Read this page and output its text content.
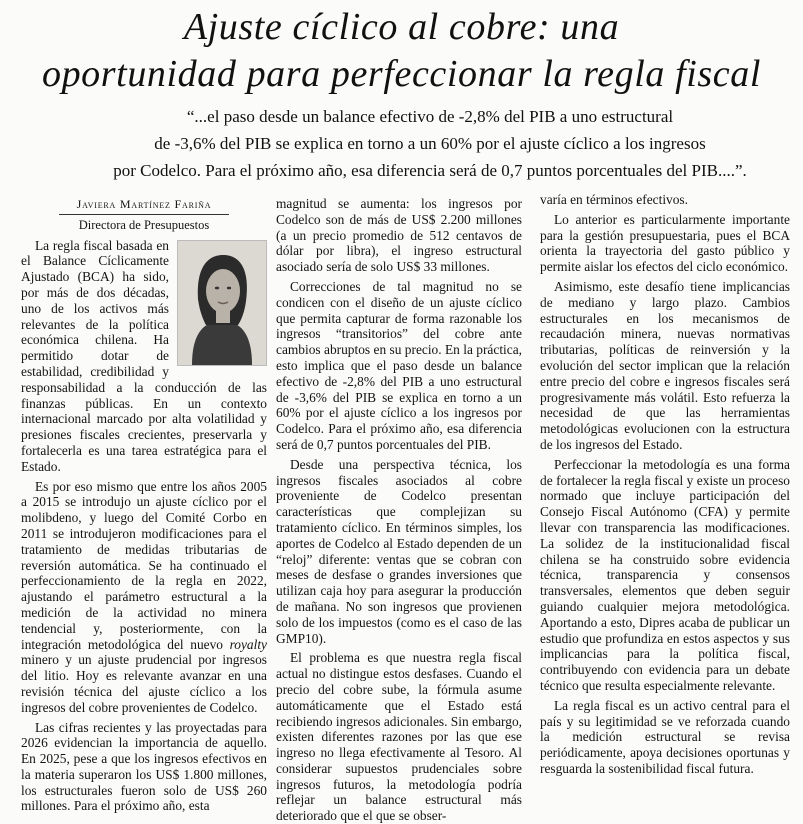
Ajuste cíclico al cobre: una
oportunidad para perfeccionar la regla fiscal
“...el paso desde un balance efectivo de -2,8% del PIB a uno estructural
de -3,6% del PIB se explica en torno a un 60% por el ajuste cíclico a los ingresos
por Codelco. Para el próximo año, esa diferencia será de 0,7 puntos porcentuales del PIB....”.
Javiera Martínez Fariña
Directora de Presupuestos

La regla fiscal basada en el Balance Cíclicamente Ajustado (BCA) ha sido, por más de dos décadas, uno de los activos más relevantes de la política económica chilena. Ha permitido dotar de estabilidad, credibilidad y responsabilidad a la conducción de las finanzas públicas. En un contexto internacional marcado por alta volatilidad y presiones fiscales crecientes, preservarla y fortalecerla es una tarea estratégica para el Estado.

Es por eso mismo que entre los años 2005 a 2015 se introdujo un ajuste cíclico por el molibdeno, y luego del Comité Corbo en 2011 se introdujeron modificaciones para el tratamiento de medidas tributarias de reversión automática. Se ha continuado el perfeccionamiento de la regla en 2022, ajustando el parámetro estructural a la medición de la actividad no minera tendencial y, posteriormente, con la integración metodológica del nuevo royalty minero y un ajuste prudencial por ingresos del litio. Hoy es relevante avanzar en una revisión técnica del ajuste cíclico a los ingresos del cobre provenientes de Codelco.

Las cifras recientes y las proyectadas para 2026 evidencian la importancia de aquello. En 2025, pese a que los ingresos efectivos en la materia superaron los US$ 1.800 millones, los estructurales fueron solo de US$ 260 millones. Para el próximo año, esta

magnitud se aumenta: los ingresos por Codelco son de más de US$ 2.200 millones (a un precio promedio de 512 centavos de dólar por libra), el ingreso estructural asociado sería de solo US$ 33 millones.

Correcciones de tal magnitud no se condicen con el diseño de un ajuste cíclico que permita capturar de forma razonable los ingresos “transitorios” del cobre ante cambios abruptos en su precio. En la práctica, esto implica que el paso desde un balance efectivo de -2,8% del PIB a uno estructural de -3,6% del PIB se explica en torno a un 60% por el ajuste cíclico a los ingresos por Codelco. Para el próximo año, esa diferencia será de 0,7 puntos porcentuales del PIB.

Desde una perspectiva técnica, los ingresos fiscales asociados al cobre proveniente de Codelco presentan características que complejizan su tratamiento cíclico. En términos simples, los aportes de Codelco al Estado dependen de un “reloj” diferente: ventas que se cobran con meses de desfase o grandes inversiones que utilizan caja hoy para asegurar la producción de mañana. No son ingresos que provienen solo de los impuestos (como es el caso de las GMP10).

El problema es que nuestra regla fiscal actual no distingue estos desfases. Cuando el precio del cobre sube, la fórmula asume automáticamente que el Estado está recibiendo ingresos adicionales. Sin embargo, existen diferentes razones por las que ese ingreso no llega efectivamente al Tesoro. Al considerar supuestos prudenciales sobre ingresos futuros, la metodología podría reflejar un balance estructural más deteriorado que el que se obser-

varía en términos efectivos.

Lo anterior es particularmente importante para la gestión presupuestaria, pues el BCA orienta la trayectoria del gasto público y permite aislar los efectos del ciclo económico.

Asimismo, este desafío tiene implicancias de mediano y largo plazo. Cambios estructurales en los mecanismos de recaudación minera, nuevas normativas tributarias, políticas de reinversión y la evolución del sector implican que la relación entre precio del cobre e ingresos fiscales será progresivamente más volátil. Esto refuerza la necesidad de que las herramientas metodológicas evolucionen con la estructura de los ingresos del Estado.

Perfeccionar la metodología es una forma de fortalecer la regla fiscal y existe un proceso normado que incluye participación del Consejo Fiscal Autónomo (CFA) y permite llevar con transparencia las modificaciones. La solidez de la institucionalidad fiscal chilena se ha construido sobre evidencia técnica, transparencia y consensos transversales, elementos que deben seguir guiando cualquier mejora metodológica. Aportando a esto, Dipres acaba de publicar un estudio que profundiza en estos aspectos y sus implicancias para la política fiscal, contribuyendo con evidencia para un debate técnico que resulta especialmente relevante.

La regla fiscal es un activo central para el país y su legitimidad se ve reforzada cuando la medición estructural se revisa periódicamente, apoya decisiones oportunas y resguarda la sostenibilidad fiscal futura.
